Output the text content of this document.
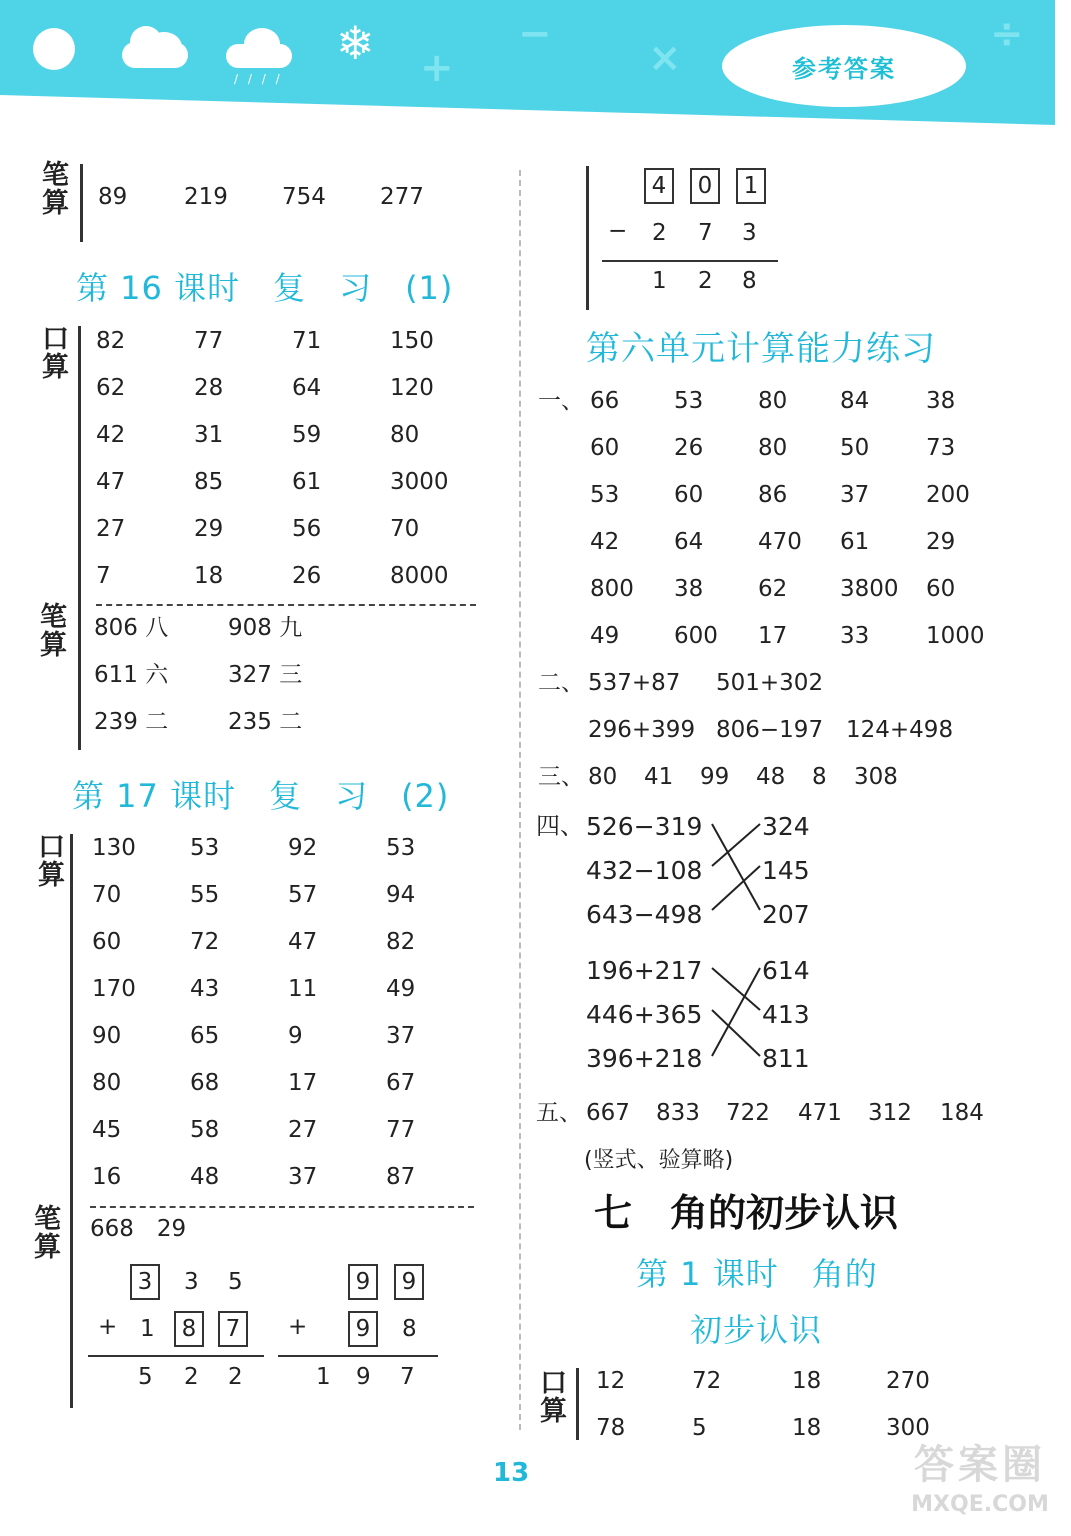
/ / / /
❄ +
−
×
÷
参考答案
笔算	89 219 754 277
第 16 课时　复　习　(1)
口算
82	77	71	150
62	28	64	120
42	31	59	80
47	85	61	3000
27	29	56	70
7	18	26	8000
笔算
806 八	908 九
611 六	327 三
239 二	235 二
第 17 课时　复　习　(2)
口算
130 53	92	53
70	55	57	94
60	72	47	82
170 43	11	49
90	65	9	37
80	68	17	67
45	58	27	77
16	48	37	87
笔算
668　29
3	3 5
+ 1	8	7
5 2 2
9	9
+	9	8
1 9 7
4	0	1
− 2 7 3
1 2 8
第六单元计算能力练习
一、 66 53 80 84 38
60 26 80 50 73
53 60 86 37 200
42 64 470 61 29
800 38 62 3800 60
49 600 17 33 1000
二、 537+87 501+302
296+399 806−197 124+498
三、 80 41 99 48 8 308
四、 526−319
432−108
643−498
196+217
446+365
396+218
324
145
207
614
413
811
五、 667 833 722 471 312 184
(竖式、验算略)
七　角的初步认识
第 1 课时　角的
初步认识
口算
12	72	18	270
78	5	18	300
13	答案圈
MXQE.COM
